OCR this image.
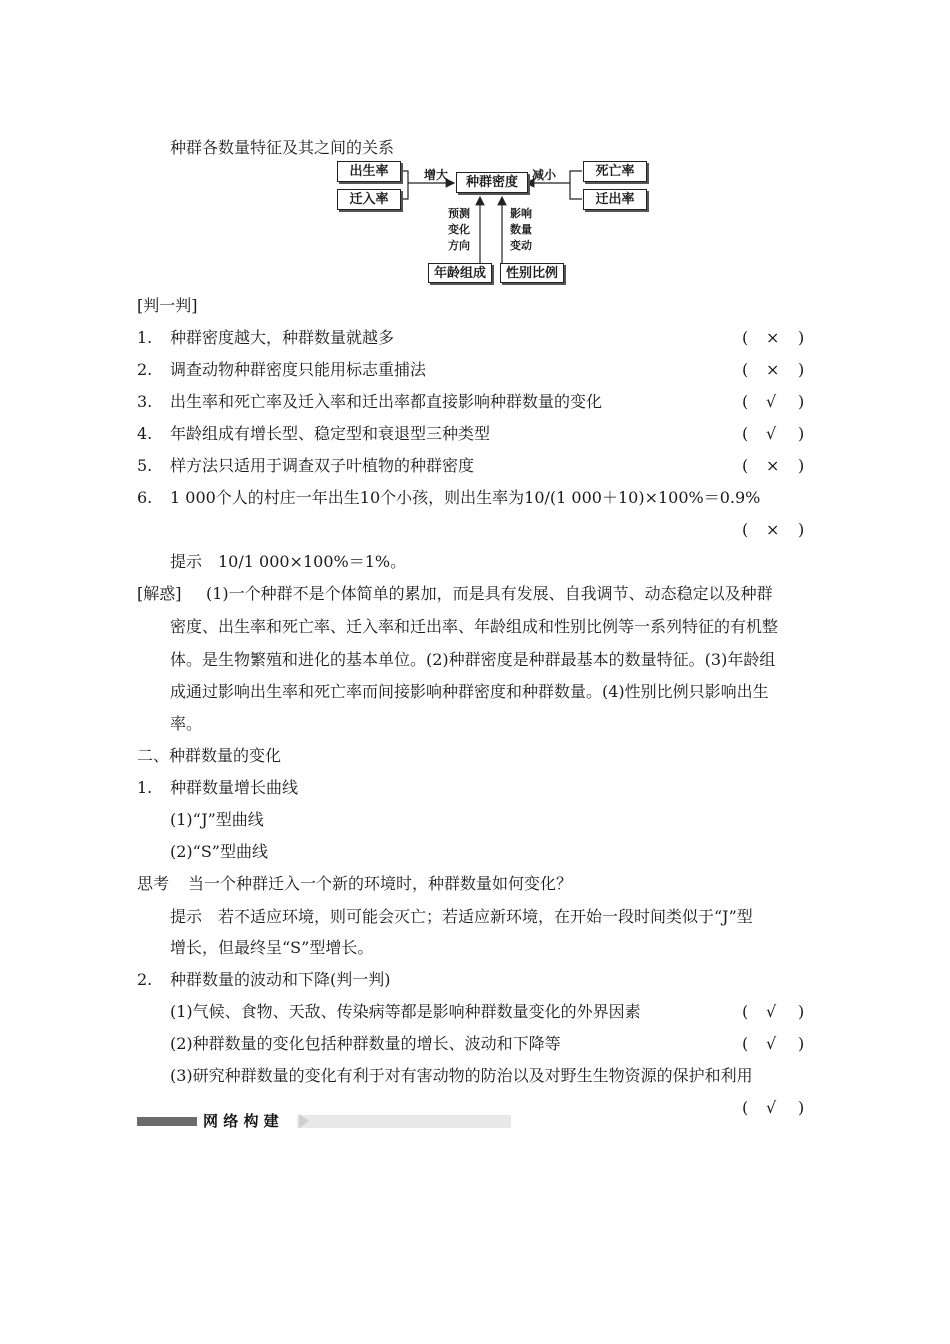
种群各数量特征及其之间的关系
出生率
迁入率
种群密度
死亡率
迁出率
年龄组成	性别比例
增大	减小
预测变化方向
影响数量变动
[判一判]
1. 种群密度越大，种群数量就越多	( × )
2. 调查动物种群密度只能用标志重捕法	( × )
3. 出生率和死亡率及迁入率和迁出率都直接影响种群数量的变化	( √ )
4. 年龄组成有增长型、稳定型和衰退型三种类型	( √ )
5. 样方法只适用于调查双子叶植物的种群密度	( × )
6. 1 000个人的村庄一年出生10个小孩，则出生率为10/(1 000＋10)×100%＝0.9%
( × )
提示　10/1 000×100%＝1%。
[解惑] (1)一个种群不是个体简单的累加，而是具有发展、自我调节、动态稳定以及种群
密度、出生率和死亡率、迁入率和迁出率、年龄组成和性别比例等一系列特征的有机整
体。是生物繁殖和进化的基本单位。(2)种群密度是种群最基本的数量特征。(3)年龄组
成通过影响出生率和死亡率而间接影响种群密度和种群数量。(4)性别比例只影响出生
率。
二、种群数量的变化
1. 种群数量增长曲线
(1)“J”型曲线
(2)“S”型曲线
思考 当一个种群迁入一个新的环境时，种群数量如何变化？
提示　若不适应环境，则可能会灭亡；若适应新环境，在开始一段时间类似于“J”型
增长，但最终呈“S”型增长。
2. 种群数量的波动和下降(判一判)
(1)气候、食物、天敌、传染病等都是影响种群数量变化的外界因素	( √ )
(2)种群数量的变化包括种群数量的增长、波动和下降等	( √ )
(3)研究种群数量的变化有利于对有害动物的防治以及对野生生物资源的保护和利用
( √ )
网 络 构 建
